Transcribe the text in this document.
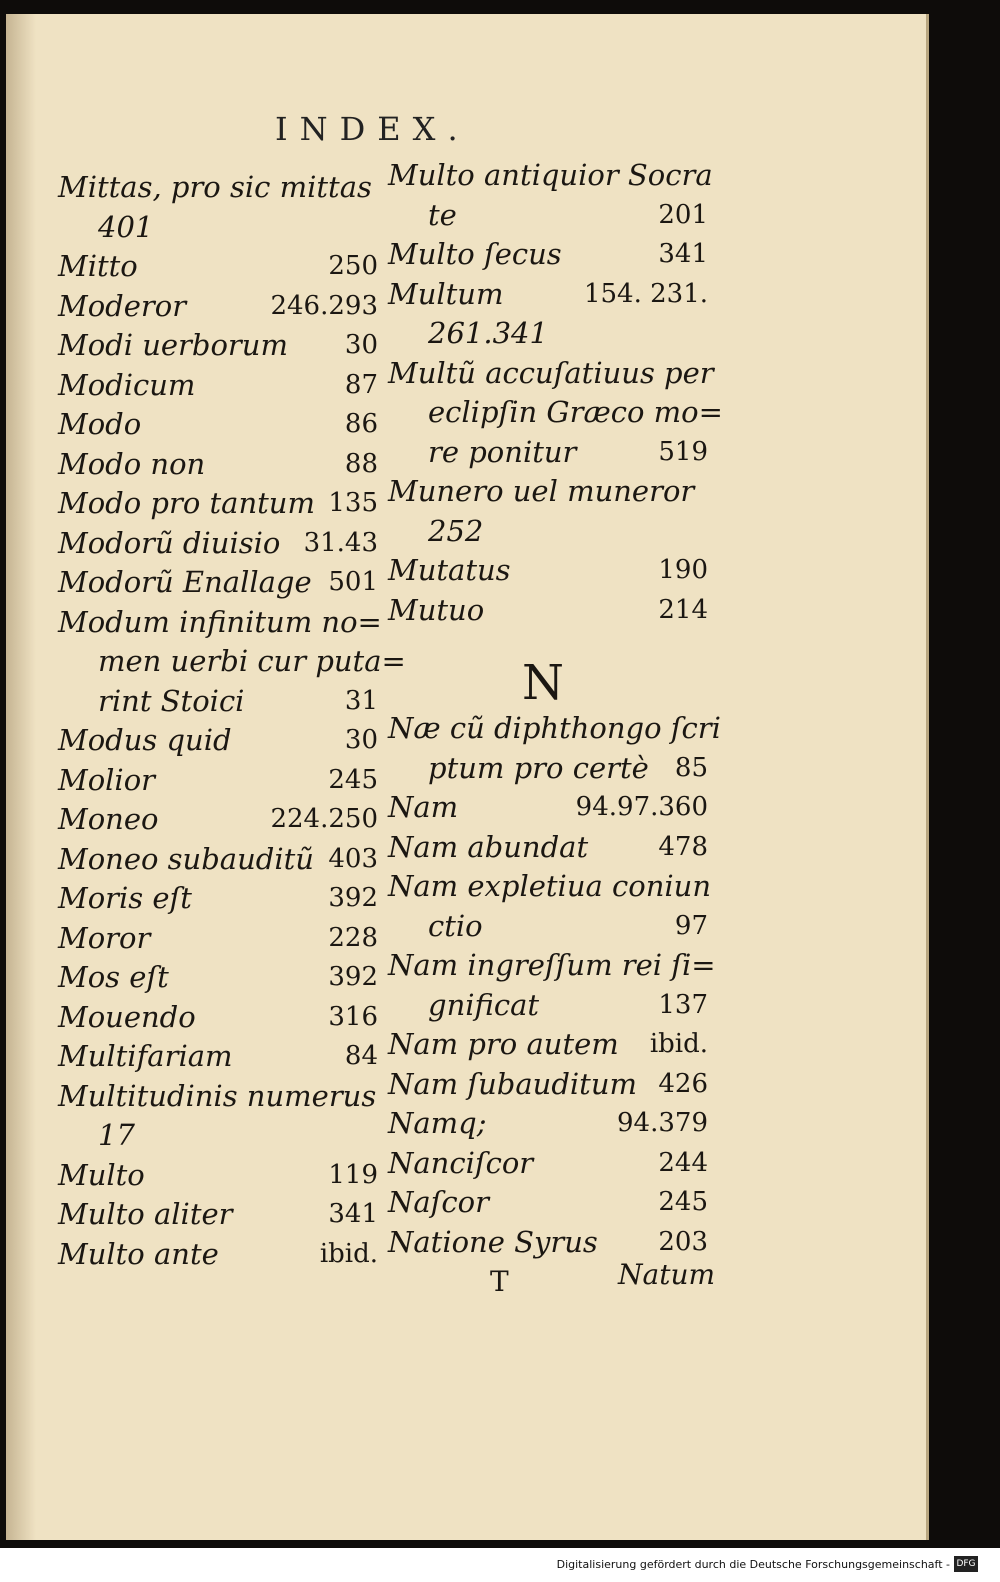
INDEX.
Mittas, pro sic mittas
401
Mitto	250
Moderor	246.293
Modi uerborum 30
Modicum	87
Modo	86
Modo non	88
Modo pro tantum 135
Modorũ diuisio 31.43
Modorũ Enallage 501
Modum infinitum no=
men uerbi cur puta=
rint Stoici	31
Modus quid	30
Molior	245
Moneo	224.250
Moneo subauditũ 403
Moris eſt	392
Moror	228
Mos eſt	392
Mouendo	316
Multifariam	84
Multitudinis numerus
17
Multo	119
Multo aliter	341
Multo ante	ibid.
Multo antiquior Socra
te	201
Multo ſecus	341
Multum	154. 231.
261.341
Multũ accuſatiuus per
eclipſin Græco mo=
re ponitur	519
Munero uel muneror
252
Mutatus	190
Mutuo	214
Næ cũ diphthongo ſcri
ptum pro certè 85
Nam	94.97.360
Nam abundat	478
Nam expletiua coniun
ctio	97
Nam ingreſſum rei ſi=
gnificat	137
Nam pro autem ibid.
Nam ſubauditum 426
Namq;	94.379
Nanciſcor	244
Naſcor	245
Natione Syrus 203
N
T	Natum
Digitalisierung gefördert durch die Deutsche Forschungsgemeinschaft - DFG
